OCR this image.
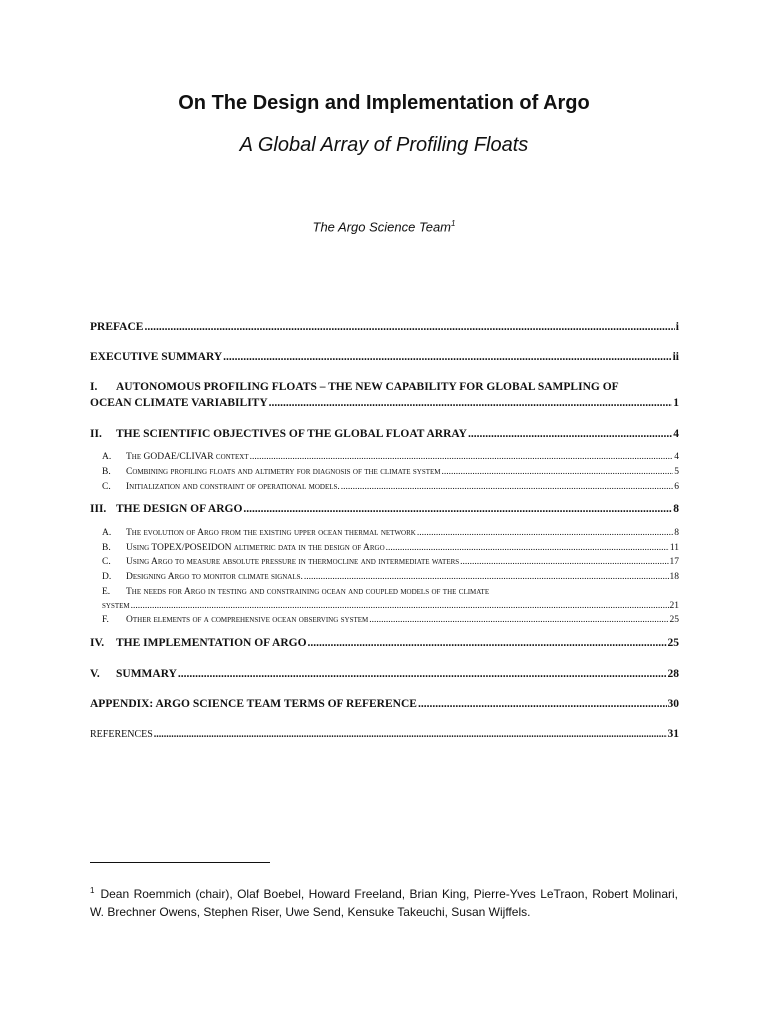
On The Design and Implementation of Argo
A Global Array of Profiling Floats
The Argo Science Team$^1$
PREFACE .....	i
EXECUTIVE SUMMARY .....	ii
I. AUTONOMOUS PROFILING FLOATS – THE NEW CAPABILITY FOR GLOBAL SAMPLING OF
OCEAN CLIMATE VARIABILITY .....	1
II. THE SCIENTIFIC OBJECTIVES OF THE GLOBAL FLOAT ARRAY .....	4
A. The GODAE/CLIVAR context .....	4
B. Combining profiling floats and altimetry for diagnosis of the climate system .....	5
C. Initialization and constraint of operational models. .....	6
III. THE DESIGN OF ARGO .....	8
A. The evolution of Argo from the existing upper ocean thermal network .....	8
B. Using TOPEX/POSEIDON altimetric data in the design of Argo .....	11
C. Using Argo to measure absolute pressure in thermocline and intermediate waters .....	17
D. Designing Argo to monitor climate signals. .....	18
E. The needs for Argo in testing and constraining ocean and coupled models of the climate
system .....	21
F. Other elements of a comprehensive ocean observing system .....	25
IV. THE IMPLEMENTATION OF ARGO .....	25
V. SUMMARY .....	28
APPENDIX: ARGO SCIENCE TEAM TERMS OF REFERENCE .....	30
REFERENCES .....	31
$^1$ Dean Roemmich (chair), Olaf Boebel, Howard Freeland, Brian King, Pierre-Yves LeTraon, Robert Molinari, W. Brechner Owens, Stephen Riser, Uwe Send, Kensuke Takeuchi, Susan Wijffels.
